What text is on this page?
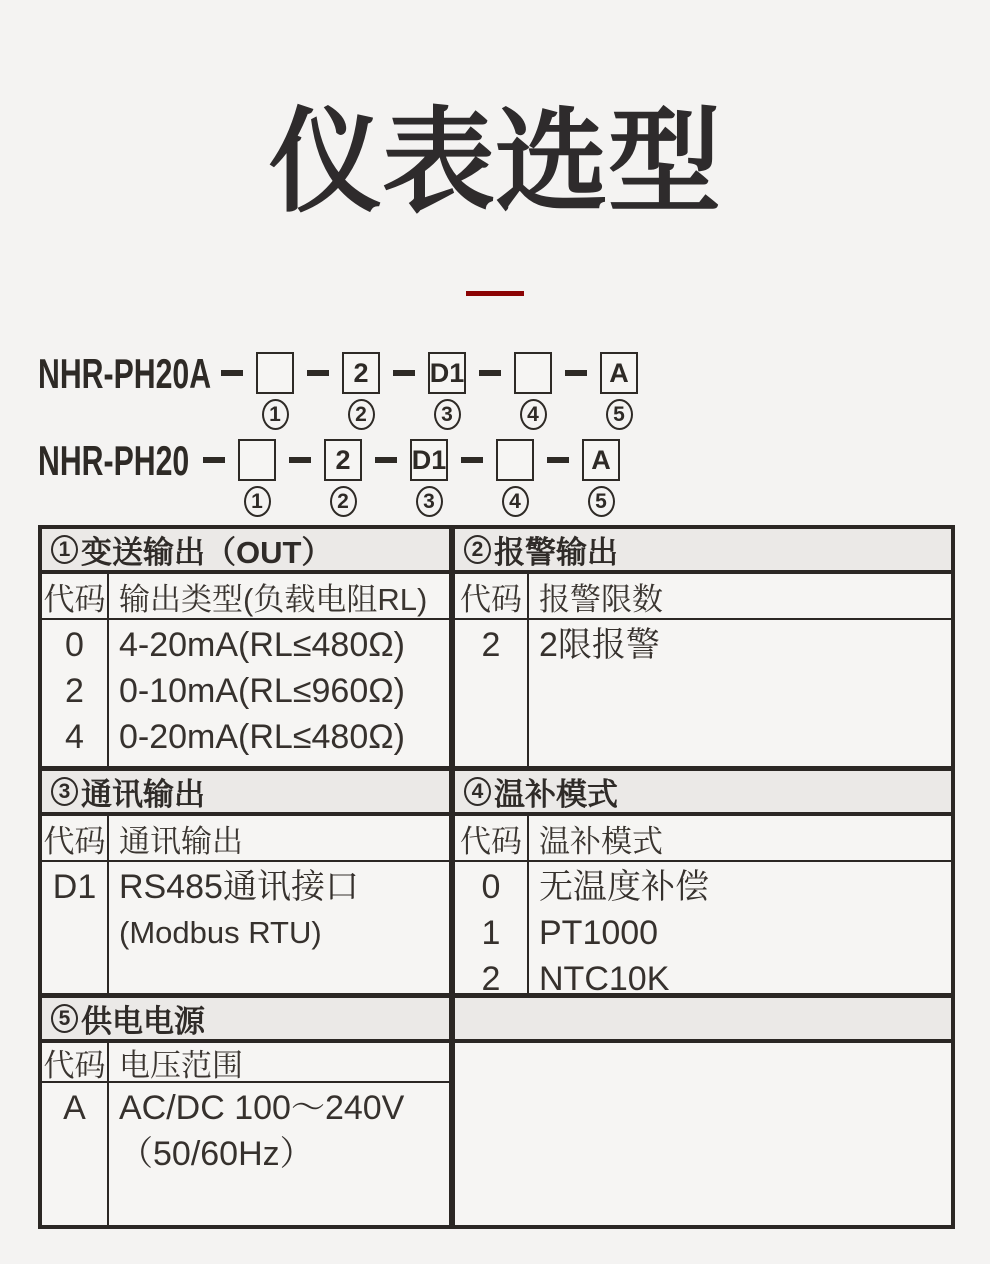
仪表选型
NHR-PH20A
1
2
2
D1
3	4
A
5
NHR-PH20
1
2
2
D1
3	4
A
5
1 变送输出（OUT）
代码 输出类型(负载电阻RL)
0
2
4
4-20mA(RL≤480Ω)
0-10mA(RL≤960Ω)
0-20mA(RL≤480Ω)
2 报警输出
代码 报警限数
2 2限报警
3 通讯输出
代码 通讯输出
D1 RS485通讯接口
(Modbus RTU)
4 温补模式
代码 温补模式
0
1
2
无温度补偿
PT1000
NTC10K
5 供电电源
代码 电压范围
A AC/DC 100～240V
（50/60Hz）
